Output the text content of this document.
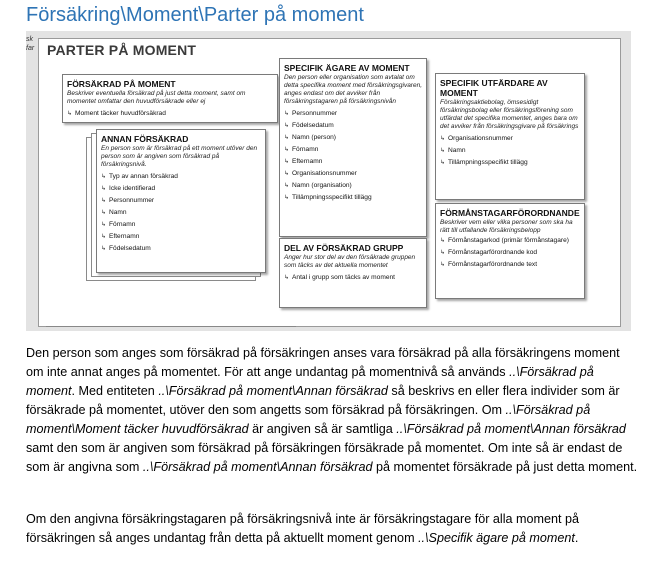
Försäkring\Moment\Parter på moment
sk
far PARTER PÅ MOMENT
FÖRSÄKRAD PÅ MOMENT
Beskriver eventuella försäkrad på just detta moment, samt om momentet omfattar den huvudförsäkrade eller ej
↳ Moment täcker huvudförsäkrad
ANNAN FÖRSÄKRAD
En person som är försäkrad på ett moment utöver den person som är angiven som försäkrad på försäkringsnivå.
↳ Typ av annan försäkrad
↳ Icke identifierad
↳ Personnummer
↳ Namn
↳ Förnamn
↳ Efternamn
↳ Födelsedatum
SPECIFIK ÄGARE AV MOMENT
Den person eller organisation som avtalat om detta specifika moment med försäkringsgivaren, anges endast om det avviker från försäkringstagaren på försäkringsnivån
↳ Personnummer
↳ Födelsedatum
↳ Namn (person)
↳ Förnamn
↳ Efternamn
↳ Organisationsnummer
↳ Namn (organisation)
↳ Tillämpningsspecifikt tillägg
DEL AV FÖRSÄKRAD GRUPP
Anger hur stor del av den försäkrade gruppen som täcks av det aktuella momentet
↳ Antal i grupp som täcks av moment
SPECIFIK UTFÄRDARE AV MOMENT
Försäkringsaktiebolag, ömsesidigt försäkringsbolag eller försäkringsförening som utfärdat det specifika momentet, anges bara om det avviker från försäkringsgivare på försäkrings
↳ Organisationsnummer
↳ Namn
↳ Tillämpningsspecifikt tillägg
FÖRMÅNSTAGARFÖRORDNANDE
Beskriver vem eller vilka personer som ska ha rätt till utfallande försäkringsbelopp
↳ Förmånstagarkod (primär förmånstagare)
↳ Förmånstagarförordnande kod
↳ Förmånstagarförordnande text

Den person som anges som försäkrad på försäkringen anses vara försäkrad på alla försäkringens moment om inte annat anges på momentet. För att ange undantag på momentnivå så används ..\Försäkrad på moment. Med entiteten ..\Försäkrad på moment\Annan försäkrad så beskrivs en eller flera individer som är försäkrade på momentet, utöver den som angetts som försäkrad på försäkringen. Om ..\Försäkrad på moment\Moment täcker huvudförsäkrad är angiven så är samtliga ..\Försäkrad på moment\Annan försäkrad samt den som är angiven som försäkrad på försäkringen försäkrade på momentet. Om inte så är endast de som är angivna som ..\Försäkrad på moment\Annan försäkrad på momentet försäkrade på just detta moment.

Om den angivna försäkringstagaren på försäkringsnivå inte är försäkringstagare för alla moment på försäkringen så anges undantag från detta på aktuellt moment genom ..\Specifik ägare på moment.
